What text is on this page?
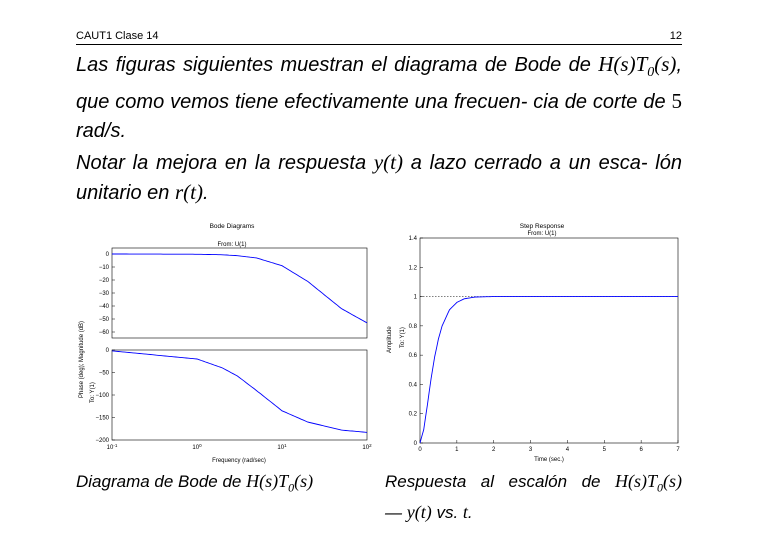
CAUT1 Clase 14	12
Las figuras siguientes muestran el diagrama de Bode de $H(s)T_0(s)$, que como vemos tiene efectivamente una frecuen- cia de corte de 5 rad/s.
Notar la mejora en la respuesta y(t) a lazo cerrado a un esca- lón unitario en r(t).
Bode Diagrams
From: U(1)
0
−10
−20
−30
−40
−50
−60
0
−50
−100
−150
−200
$10^{-1}$	$10^0$	$10^1$	$10^2$
Phase (deg); Magnitude (dB) To: Y(1)
Frequency (rad/sec)
Step Response
From: U(1)
0
0.2
0.4
0.6
0.8
1
1.2
1.4
0	1	2	3	4	5	6	7
Amplitude To: Y(1)
Time (sec.)
Diagrama de Bode de $H(s)T_0(s)$	Respuesta al escalón de $H(s)T_0(s)$
— y(t) vs. t.
